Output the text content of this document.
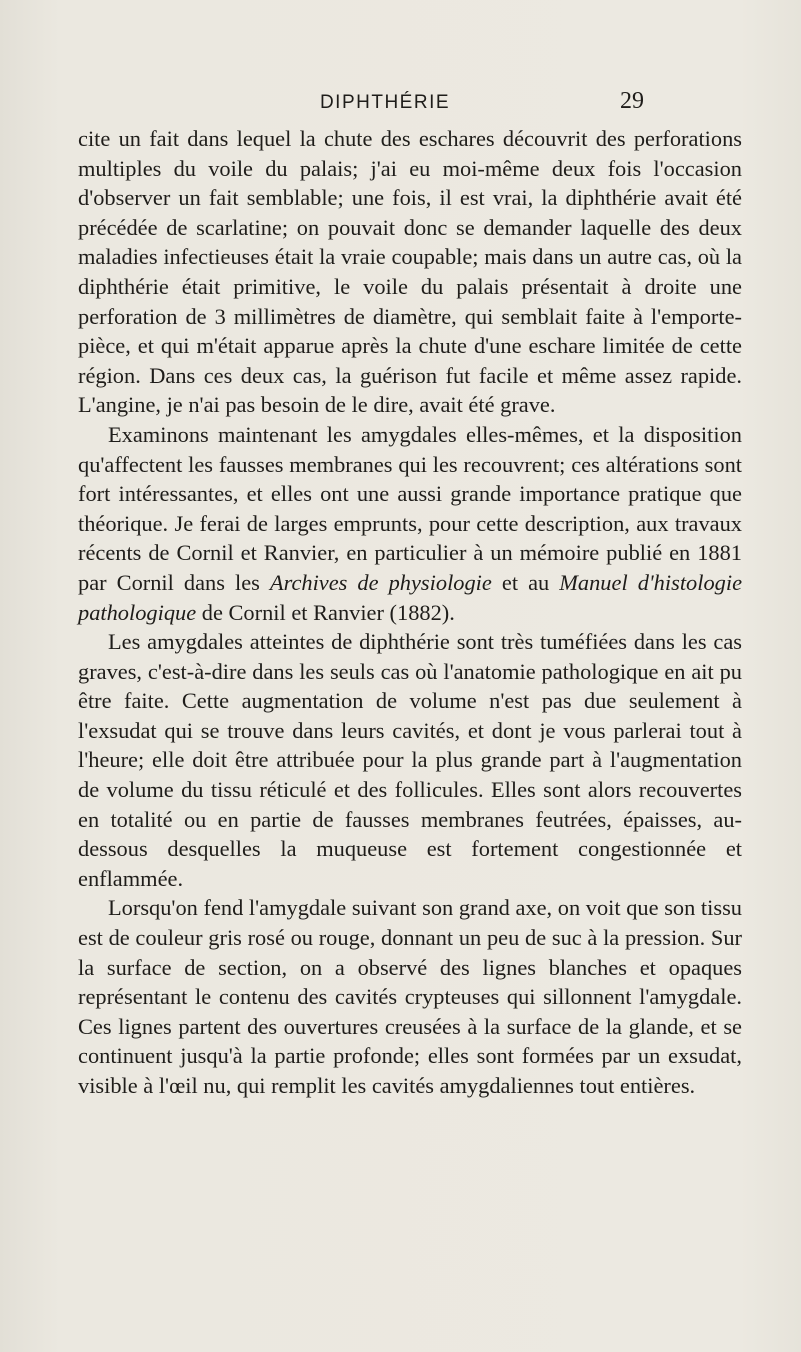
DIPHTHÉRIE	29

cite un fait dans lequel la chute des eschares découvrit des perforations multiples du voile du palais; j'ai eu moi-même deux fois l'occasion d'observer un fait semblable; une fois, il est vrai, la diphthérie avait été précédée de scarlatine; on pouvait donc se demander laquelle des deux maladies infectieuses était la vraie coupable; mais dans un autre cas, où la diphthérie était primitive, le voile du palais présentait à droite une perforation de 3 millimètres de diamètre, qui semblait faite à l'emporte-pièce, et qui m'était apparue après la chute d'une eschare limitée de cette région. Dans ces deux cas, la guérison fut facile et même assez rapide. L'angine, je n'ai pas besoin de le dire, avait été grave.

Examinons maintenant les amygdales elles-mêmes, et la disposition qu'affectent les fausses membranes qui les recouvrent; ces altérations sont fort intéressantes, et elles ont une aussi grande importance pratique que théorique. Je ferai de larges emprunts, pour cette description, aux travaux récents de Cornil et Ranvier, en particulier à un mémoire publié en 1881 par Cornil dans les Archives de physiologie et au Manuel d'histologie pathologique de Cornil et Ranvier (1882).

Les amygdales atteintes de diphthérie sont très tuméfiées dans les cas graves, c'est-à-dire dans les seuls cas où l'anatomie pathologique en ait pu être faite. Cette augmentation de volume n'est pas due seulement à l'exsudat qui se trouve dans leurs cavités, et dont je vous parlerai tout à l'heure; elle doit être attribuée pour la plus grande part à l'augmentation de volume du tissu réticulé et des follicules. Elles sont alors recouvertes en totalité ou en partie de fausses membranes feutrées, épaisses, au-dessous desquelles la muqueuse est fortement congestionnée et enflammée.

Lorsqu'on fend l'amygdale suivant son grand axe, on voit que son tissu est de couleur gris rosé ou rouge, donnant un peu de suc à la pression. Sur la surface de section, on a observé des lignes blanches et opaques représentant le contenu des cavités crypteuses qui sillonnent l'amygdale. Ces lignes partent des ouvertures creusées à la surface de la glande, et se continuent jusqu'à la partie profonde; elles sont formées par un exsudat, visible à l'œil nu, qui remplit les cavités amygdaliennes tout entières.
